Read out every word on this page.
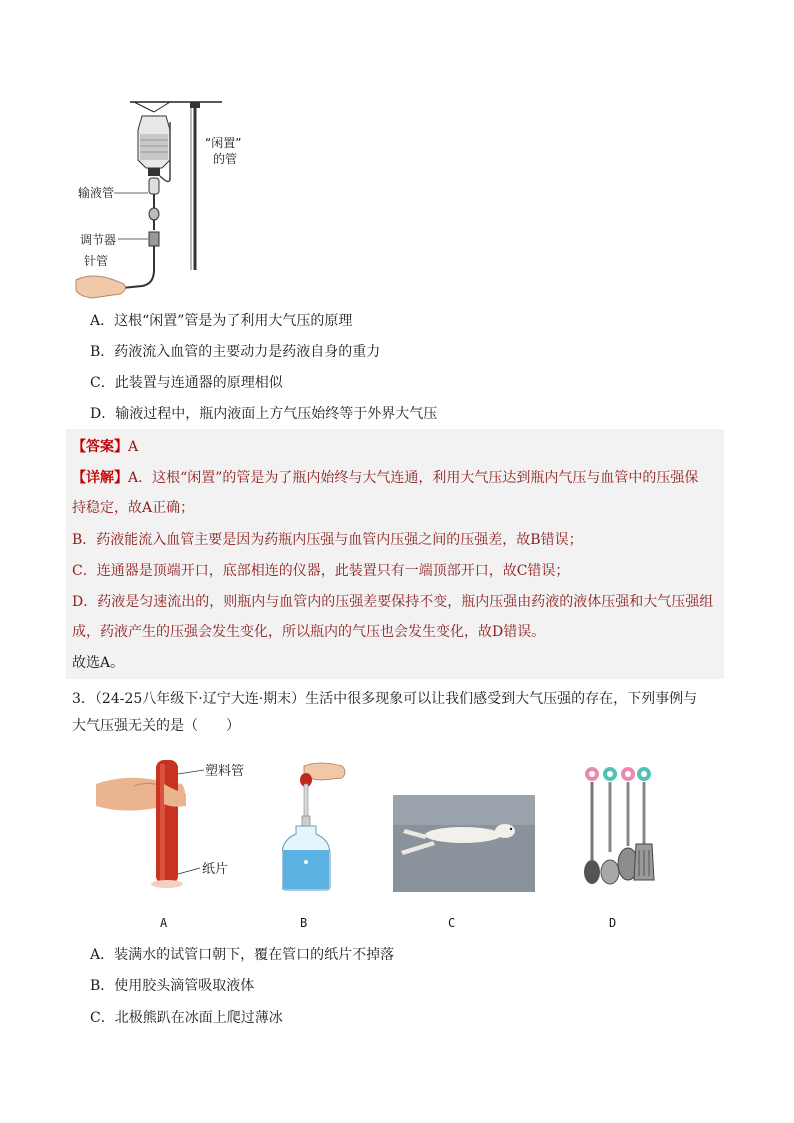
“闲置”
的管
输液管
调节器
针管
A．这根“闲置”管是为了利用大气压的原理
B．药液流入血管的主要动力是药液自身的重力
C．此装置与连通器的原理相似
D．输液过程中，瓶内液面上方气压始终等于外界大气压
【答案】A
【详解】A．这根“闲置”的管是为了瓶内始终与大气连通，利用大气压达到瓶内气压与血管中的压强保
持稳定，故A正确；
B．药液能流入血管主要是因为药瓶内压强与血管内压强之间的压强差，故B错误；
C．连通器是顶端开口，底部相连的仪器，此装置只有一端顶部开口，故C错误；
D．药液是匀速流出的，则瓶内与血管内的压强差要保持不变，瓶内压强由药液的液体压强和大气压强组
成，药液产生的压强会发生变化，所以瓶内的气压也会发生变化，故D错误。
故选A。
3．（24-25八年级下·辽宁大连·期末）生活中很多现象可以让我们感受到大气压强的存在，下列事例与
大气压强无关的是（　　）
塑料管
纸片
A	B	C	D
A．装满水的试管口朝下，覆在管口的纸片不掉落
B．使用胶头滴管吸取液体
C．北极熊趴在冰面上爬过薄冰
